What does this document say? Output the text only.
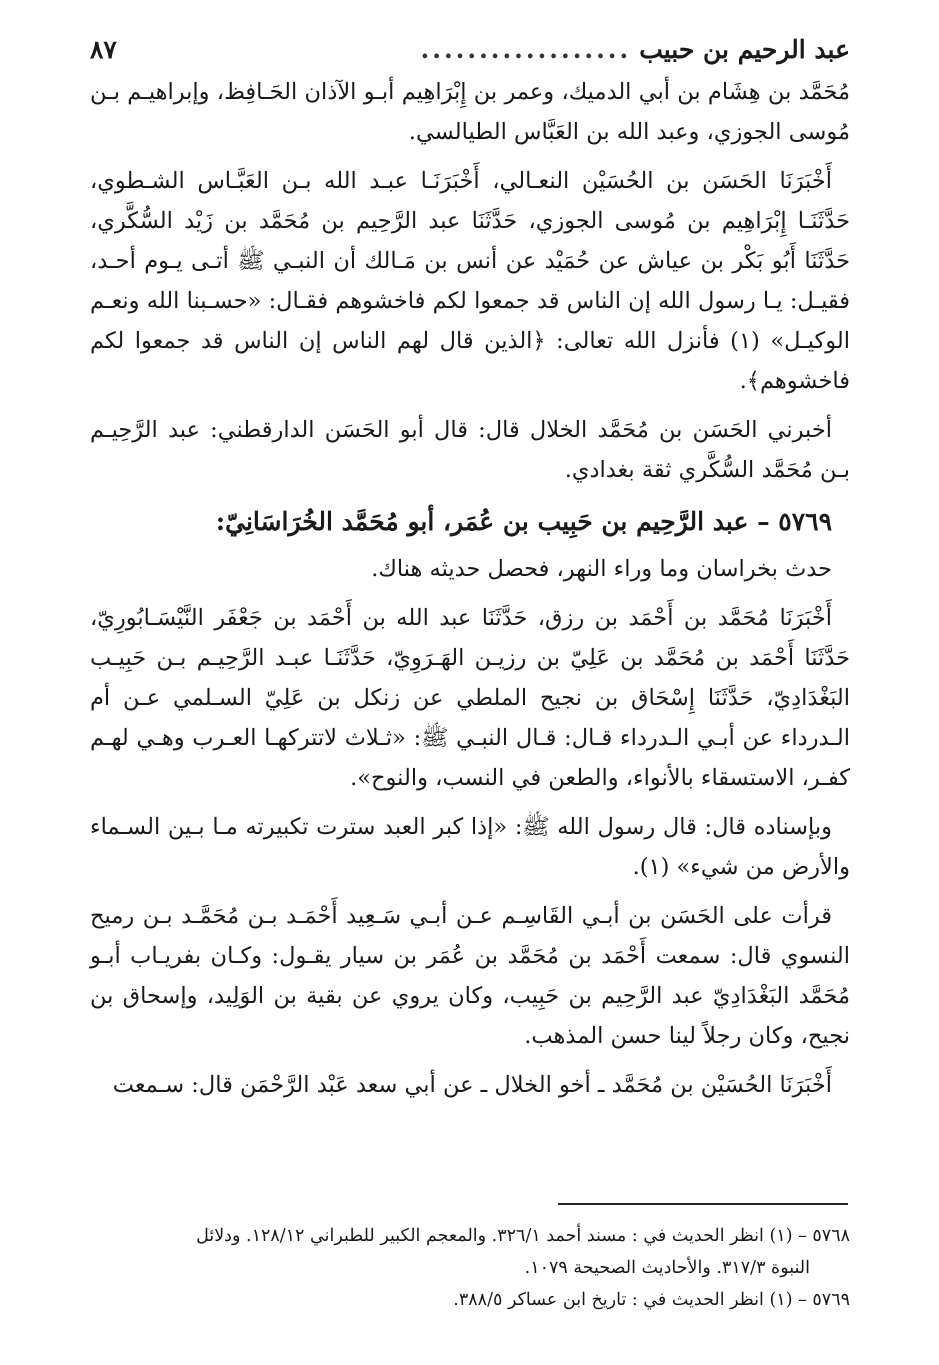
عبد الرحيم بن حبيب
..................
٨٧

مُحَمَّد بن هِشَام بن أبي الدميك، وعمر بن إِبْرَاهِيم أبـو الآذان الحَـافِظ، وإبراهيـم بـن مُوسى الجوزي، وعبد الله بن العَبَّاس الطيالسي.

أَخْبَرَنَا الحَسَن بن الحُسَيْن النعـالي، أَخْبَرَنَـا عبـد الله بـن العَبَّـاس الشـطوي، حَدَّثَنَـا إِبْرَاهِيم بن مُوسى الجوزي، حَدَّثَنَا عبد الرَّحِيم بن مُحَمَّد بن زَيْد السُّكَّري، حَدَّثَنَا أَبُو بَكْر بن عياش عن حُمَيْد عن أنس بن مَـالك أن النبـي ﷺ أتـى يـوم أحـد، فقيـل: يـا رسول الله إن الناس قد جمعوا لكم فاخشوهم فقـال: «حسـبنا الله ونعـم الوكيـل» (١) فأنزل الله تعالى: ﴿الذين قال لهم الناس إن الناس قد جمعوا لكم فاخشوهم﴾.

أخبرني الحَسَن بن مُحَمَّد الخلال قال: قال أبو الحَسَن الدارقطني: عبد الرَّحِيـم بـن مُحَمَّد السُّكَّري ثقة بغدادي.

٥٧٦٩ – عبد الرَّحِيم بن حَبِيب بن عُمَر، أبو مُحَمَّد الخُرَاسَانِيّ:

حدث بخراسان وما وراء النهر، فحصل حديثه هناك.

أَخْبَرَنَا مُحَمَّد بن أَحْمَد بن رزق، حَدَّثَنَا عبد الله بن أَحْمَد بن جَعْفَر النَّيْسَـابُورِيّ، حَدَّثَنَا أَحْمَد بن مُحَمَّد بن عَلِيّ بن رزيـن الهَـرَوِيّ، حَدَّثَنَـا عبـد الرَّحِيـم بـن حَبِيـب البَغْدَادِيّ، حَدَّثَنَا إِسْحَاق بن نجيح الملطي عن زنكل بن عَلِيّ السـلمي عـن أم الـدرداء عن أبـي الـدرداء قـال: قـال النبـي ﷺ: «ثـلاث لاتتركهـا العـرب وهـي لهـم كفـر، الاستسقاء بالأنواء، والطعن في النسب، والنوح».

وبإسناده قال: قال رسول الله ﷺ: «إذا كبر العبد سترت تكبيرته مـا بـين السـماء والأرض من شيء» (١).

قرأت على الحَسَن بن أبـي القَاسِـم عـن أبـي سَـعِيد أَحْمَـد بـن مُحَمَّـد بـن رميح النسوي قال: سمعت أَحْمَد بن مُحَمَّد بن عُمَر بن سيار يقـول: وكـان بفريـاب أبـو مُحَمَّد البَغْدَادِيّ عبد الرَّحِيم بن حَبِيب، وكان يروي عن بقية بن الوَلِيد، وإسحاق بن نجيح، وكان رجلاً لينا حسن المذهب.

أَخْبَرَنَا الحُسَيْن بن مُحَمَّد ـ أخو الخلال ـ عن أبي سعد عَبْد الرَّحْمَن قال: سـمعت

٥٧٦٨ – (١) انظر الحديث في : مسند أحمد ٣٢٦/١. والمعجم الكبير للطبراني ١٢٨/١٢. ودلائل

النبوة ٣١٧/٣. والأحاديث الصحيحة ١٠٧٩.

٥٧٦٩ – (١) انظر الحديث في : تاريخ ابن عساكر ٣٨٨/٥.
